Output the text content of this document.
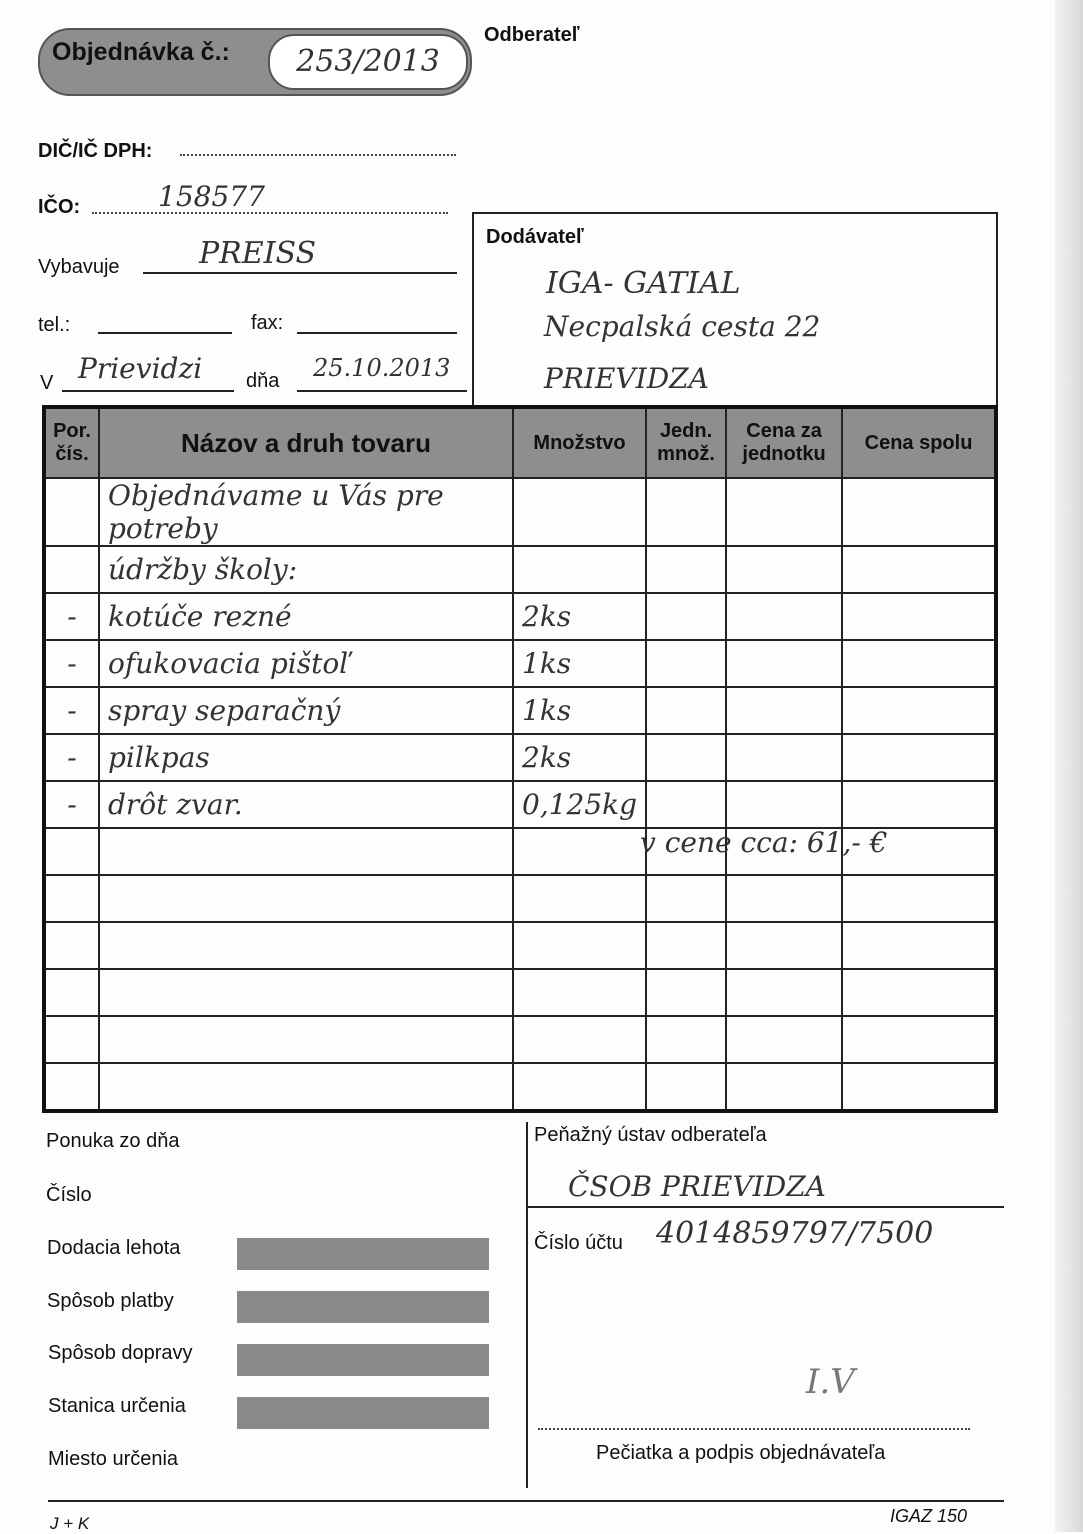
Objednávka č.:	253/2013
Odberateľ
DIČ/IČ DPH:
IČO:	158577
Vybavuje	PREISS
tel.:	fax:
V Prievidzi dňa 25.10.2013
Dodávateľ
IGA- GATIAL
Necpalská cesta 22
PRIEVIDZA
Por. čís.	Názov a druh tovaru	Množstvo	Jedn. množ.	Cena za jednotku	Cena spolu
	Objednávame u Vás pre potreby				
	údržby školy:				
-	kotúče rezné	2ks			
-	ofukovacia pištoľ	1ks			
-	spray separačný	1ks			
-	pilkpas	2ks			
-	drôt zvar.	0,125kg			

v cene cca: 61,- €
Ponuka zo dňa
Číslo
Dodacia lehota
Spôsob platby
Spôsob dopravy
Stanica určenia
Miesto určenia
Peňažný ústav odberateľa
ČSOB PRIEVIDZA
Číslo účtu 4014859797/7500
I.V
Pečiatka a podpis objednávateľa
J + K	IGAZ 150
